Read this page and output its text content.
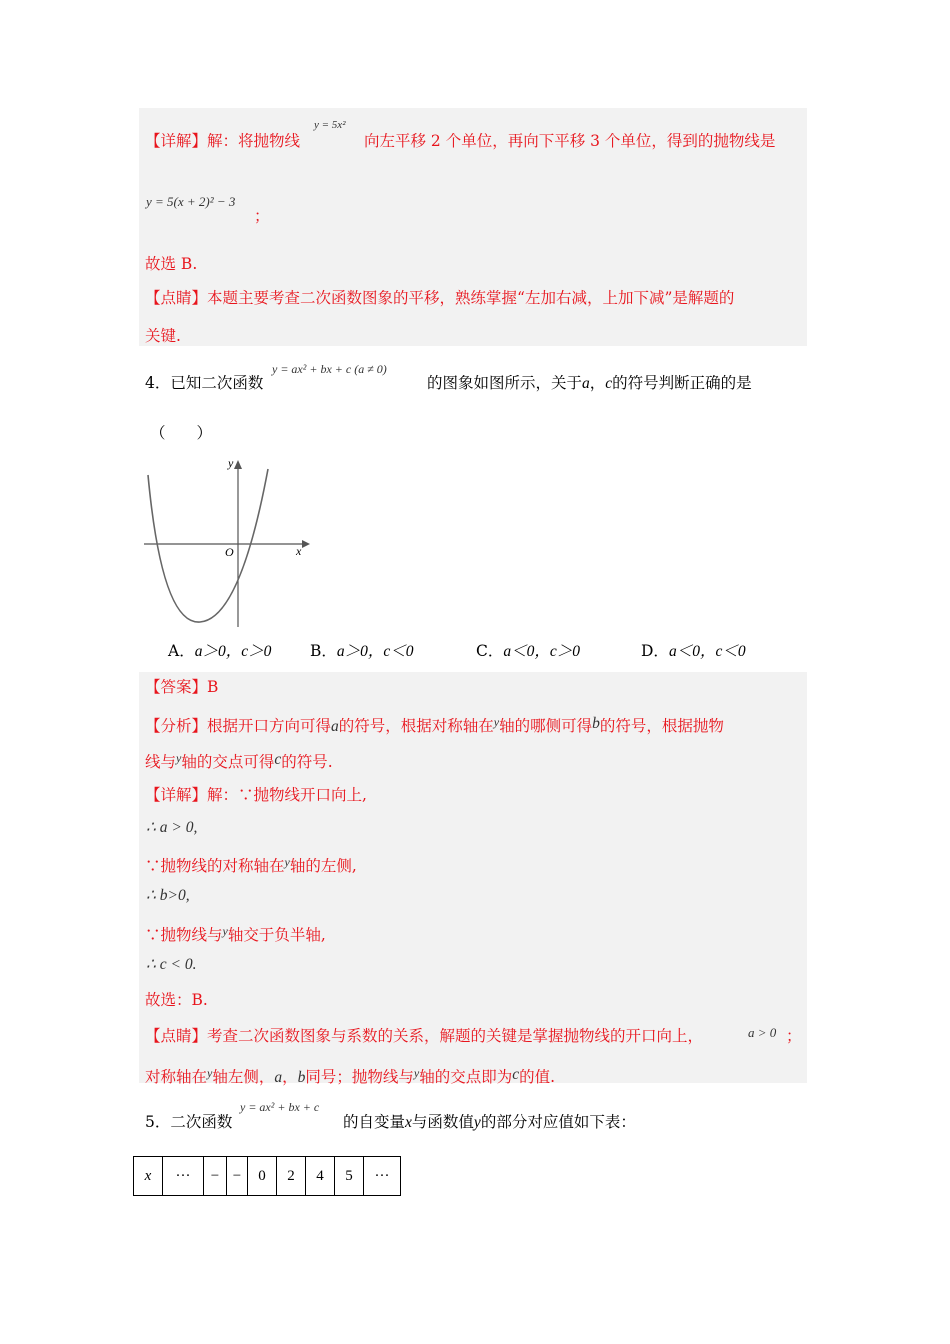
【详解】解：将抛物线
y = 5x²
向左平移 2 个单位，再向下平移 3 个单位，得到的抛物线是
y = 5(x + 2)² − 3
；
故选 B.
【点睛】本题主要考查二次函数图象的平移，熟练掌握“左加右减，上加下减”是解题的
关键.
4．已知二次函数
y = ax² + bx + c (a ≠ 0)
的图象如图所示，关于a，c的符号判断正确的是
（　　）
y
x
O
A．a＞0，c＞0 B．a＞0，c＜0	C．a＜0，c＞0	D．a＜0，c＜0
【答案】B
【分析】根据开口方向可得a的符号，根据对称轴在$^y$轴的哪侧可得b的符号，根据抛物
线与$^y$轴的交点可得c的符号.
【详解】解：∵抛物线开口向上,
∴ a > 0,
∵抛物线的对称轴在$^y$轴的左侧,
∴ b>0,
∵抛物线与$^y$轴交于负半轴,
∴ c < 0.
故选：B.
【点睛】考查二次函数图象与系数的关系，解题的关键是掌握抛物线的开口向上，	a > 0 ；
对称轴在$^y$轴左侧，a，b同号；抛物线与$^y$轴的交点即为c的值.
5．二次函数
y = ax² + bx + c
的自变量x与函数值y的部分对应值如下表：
x	···	−	−	0	2	4	5	···
